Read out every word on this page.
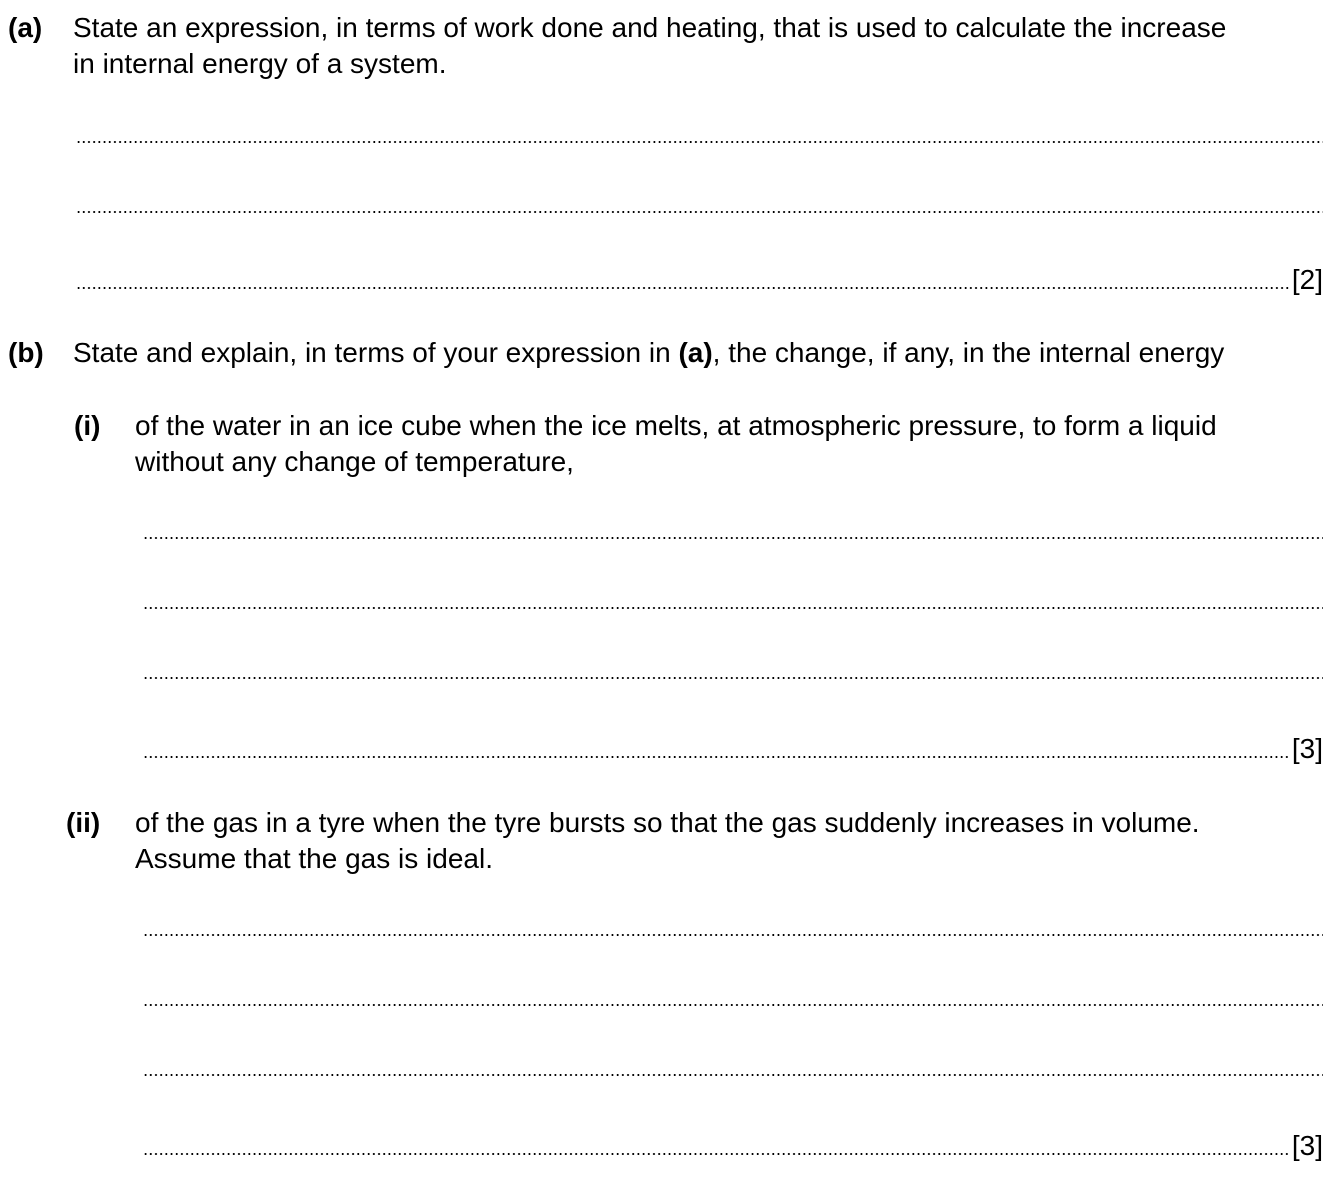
(a) State an expression, in terms of work done and heating, that is used to calculate the increase
in internal energy of a system.
[2]
(b) State and explain, in terms of your expression in (a), the change, if any, in the internal energy
(i) of the water in an ice cube when the ice melts, at atmospheric pressure, to form a liquid
without any change of temperature,
[3]
(ii) of the gas in a tyre when the tyre bursts so that the gas suddenly increases in volume.
Assume that the gas is ideal.
[3]
